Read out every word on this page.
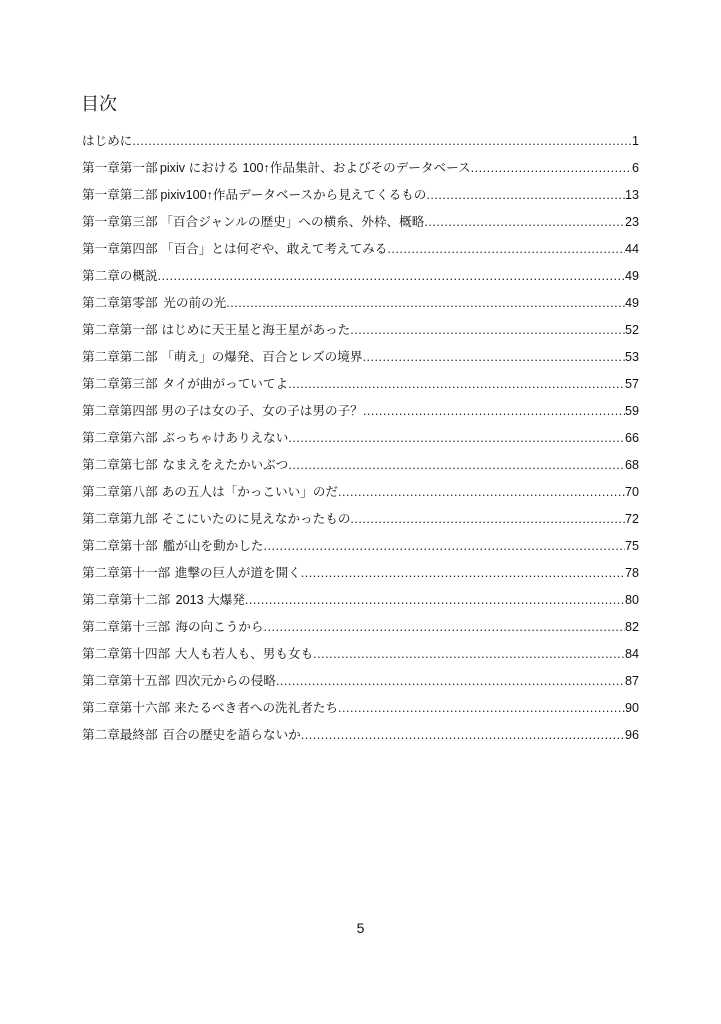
目次
はじめに .....	1
第一章第一部 pixiv における 100↑作品集計、およびそのデータベース .....	6
第一章第二部 pixiv100↑作品データベースから見えてくるもの .....	13
第一章第三部 「百合ジャンルの歴史」への横糸、外枠、概略 .....	23
第一章第四部 「百合」とは何ぞや、敢えて考えてみる .....	44
第二章の概説 .....	49
第二章第零部 光の前の光 .....	49
第二章第一部 はじめに天王星と海王星があった .....	52
第二章第二部 「萌え」の爆発、百合とレズの境界 .....	53
第二章第三部 タイが曲がっていてよ .....	57
第二章第四部 男の子は女の子、女の子は男の子？ .....	59
第二章第六部 ぶっちゃけありえない .....	66
第二章第七部 なまえをえたかいぶつ .....	68
第二章第八部 あの五人は「かっこいい」のだ .....	70
第二章第九部 そこにいたのに見えなかったもの .....	72
第二章第十部 艦が山を動かした .....	75
第二章第十一部 進撃の巨人が道を開く .....	78
第二章第十二部 2013 大爆発 .....	80
第二章第十三部 海の向こうから .....	82
第二章第十四部 大人も若人も、男も女も .....	84
第二章第十五部 四次元からの侵略 .....	87
第二章第十六部 来たるべき者への洗礼者たち .....	90
第二章最終部 百合の歴史を語らないか .....	96
5
